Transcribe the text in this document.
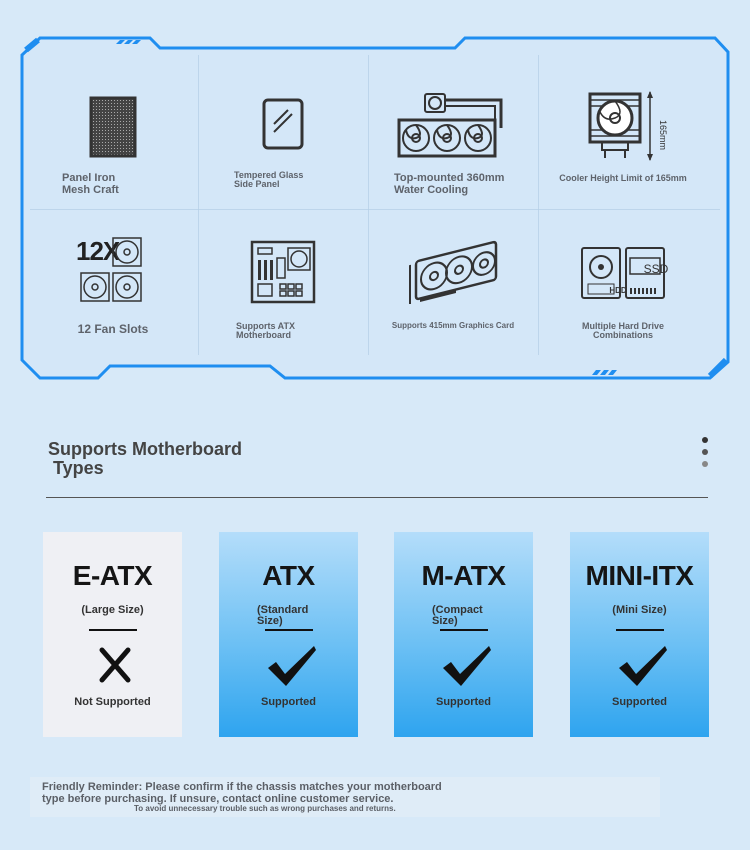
Panel Iron
Mesh Craft
Tempered Glass
Side Panel
Top-mounted 360mm
Water Cooling
165mm
Cooler Height Limit of 165mm
12X
12 Fan Slots	Supports ATX
Motherboard
Supports 415mm Graphics Card
HDD
SSD
Multiple Hard Drive
Combinations
Supports Motherboard
Types
E-ATX
(Large Size)
Not Supported
ATX
(Standard
Size)
Supported
M-ATX
(Compact
Size)
Supported
MINI-ITX
(Mini Size)
Supported
Friendly Reminder: Please confirm if the chassis matches your motherboard
type before purchasing. If unsure, contact online customer service.
To avoid unnecessary trouble such as wrong purchases and returns.
